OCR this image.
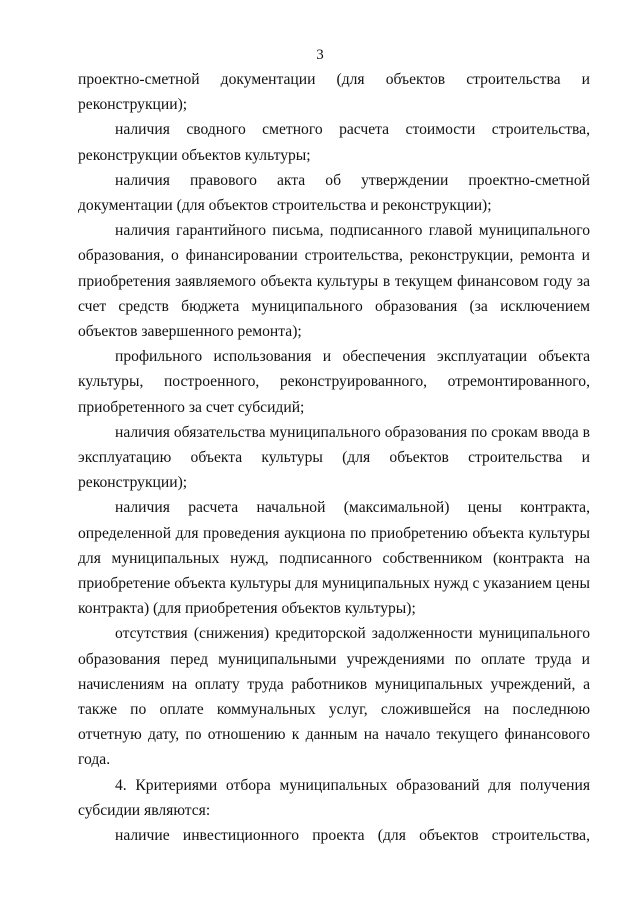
3

проектно-сметной документации (для объектов строительства и реконструкции);

наличия сводного сметного расчета стоимости строительства, реконструкции объектов культуры;

наличия правового акта об утверждении проектно-сметной документации (для объектов строительства и реконструкции);

наличия гарантийного письма, подписанного главой муниципального образования, о финансировании строительства, реконструкции, ремонта и приобретения заявляемого объекта культуры в текущем финансовом году за счет средств бюджета муниципального образования (за исключением объектов завершенного ремонта);

профильного использования и обеспечения эксплуатации объекта культуры, построенного, реконструированного, отремонтированного, приобретенного за счет субсидий;

наличия обязательства муниципального образования по срокам ввода в эксплуатацию объекта культуры (для объектов строительства и реконструкции);

наличия расчета начальной (максимальной) цены контракта, определенной для проведения аукциона по приобретению объекта культуры для муниципальных нужд, подписанного собственником (контракта на приобретение объекта культуры для муниципальных нужд с указанием цены контракта) (для приобретения объектов культуры);

отсутствия (снижения) кредиторской задолженности муниципального образования перед муниципальными учреждениями по оплате труда и начислениям на оплату труда работников муниципальных учреждений, а также по оплате коммунальных услуг, сложившейся на последнюю отчетную дату, по отношению к данным на начало текущего финансового года.

4. Критериями отбора муниципальных образований для получения субсидии являются:

наличие инвестиционного проекта (для объектов строительства,
